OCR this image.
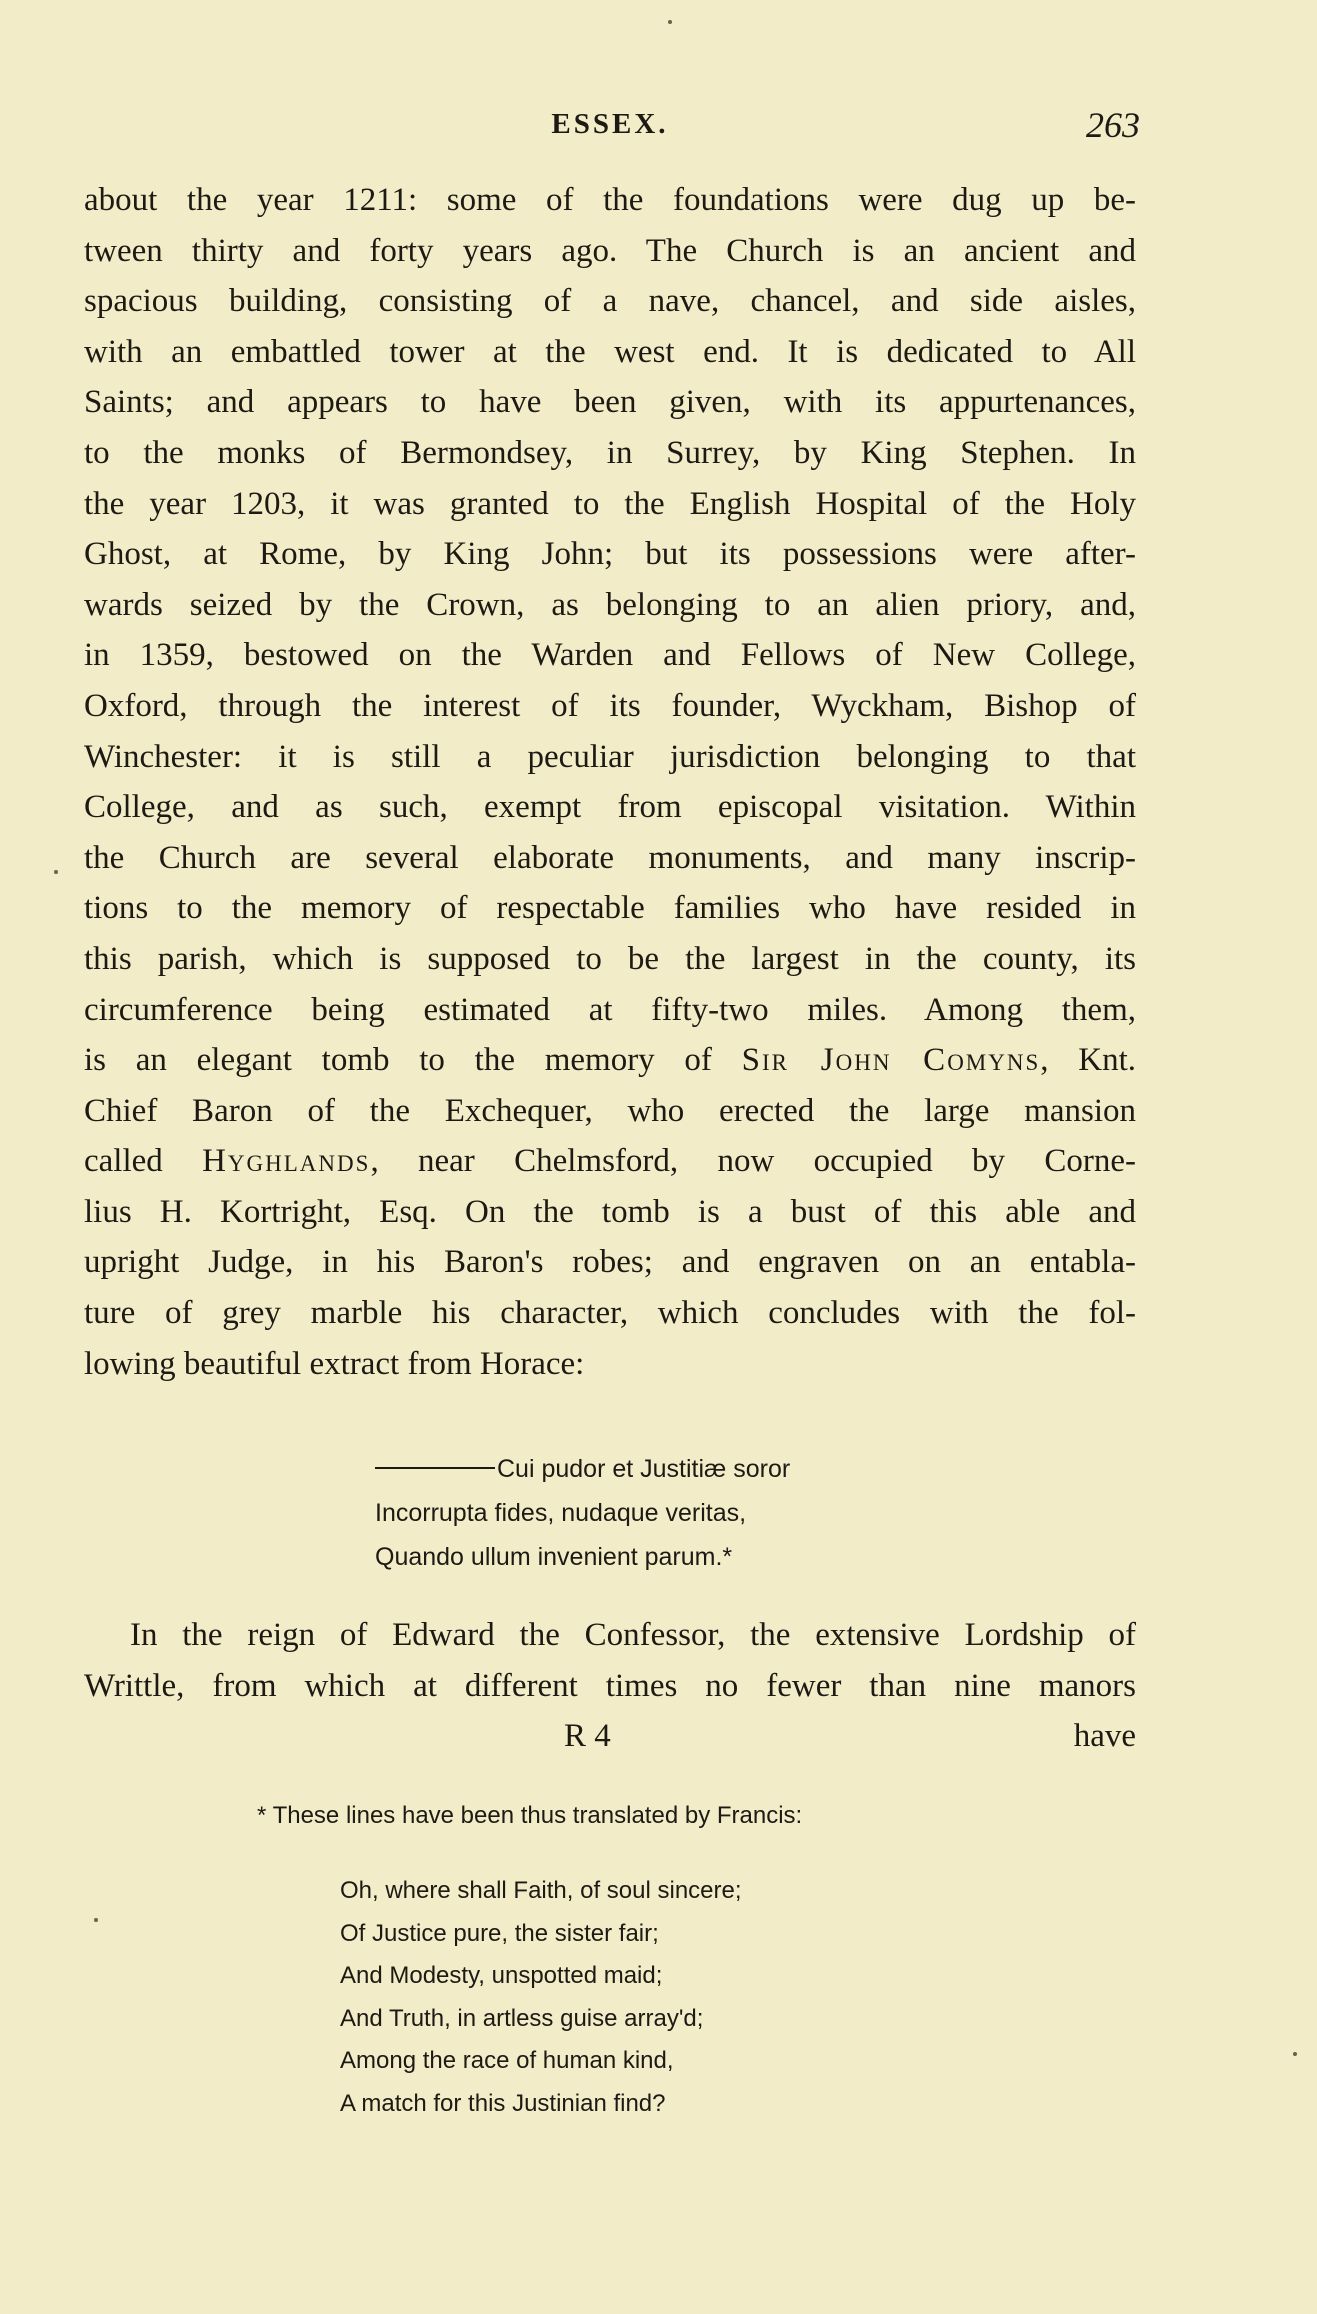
ESSEX.	263
about the year 1211: some of the foundations were dug up be-
tween thirty and forty years ago. The Church is an ancient and
spacious building, consisting of a nave, chancel, and side aisles,
with an embattled tower at the west end. It is dedicated to All
Saints; and appears to have been given, with its appurtenances,
to the monks of Bermondsey, in Surrey, by King Stephen. In
the year 1203, it was granted to the English Hospital of the Holy
Ghost, at Rome, by King John; but its possessions were after-
wards seized by the Crown, as belonging to an alien priory, and,
in 1359, bestowed on the Warden and Fellows of New College,
Oxford, through the interest of its founder, Wyckham, Bishop of
Winchester: it is still a peculiar jurisdiction belonging to that
College, and as such, exempt from episcopal visitation. Within
the Church are several elaborate monuments, and many inscrip-
tions to the memory of respectable families who have resided in
this parish, which is supposed to be the largest in the county, its
circumference being estimated at fifty-two miles. Among them,
is an elegant tomb to the memory of Sir John Comyns, Knt.
Chief Baron of the Exchequer, who erected the large mansion
called Hyghlands, near Chelmsford, now occupied by Corne-
lius H. Kortright, Esq. On the tomb is a bust of this able and
upright Judge, in his Baron's robes; and engraven on an entabla-
ture of grey marble his character, which concludes with the fol-
lowing beautiful extract from Horace:
Cui pudor et Justitiæ soror
Incorrupta fides, nudaque veritas,
Quando ullum invenient parum.*
In the reign of Edward the Confessor, the extensive Lordship of
Writtle, from which at different times no fewer than nine manors
R 4	have
* These lines have been thus translated by Francis:
Oh, where shall Faith, of soul sincere;
Of Justice pure, the sister fair;
And Modesty, unspotted maid;
And Truth, in artless guise array'd;
Among the race of human kind,
A match for this Justinian find?
